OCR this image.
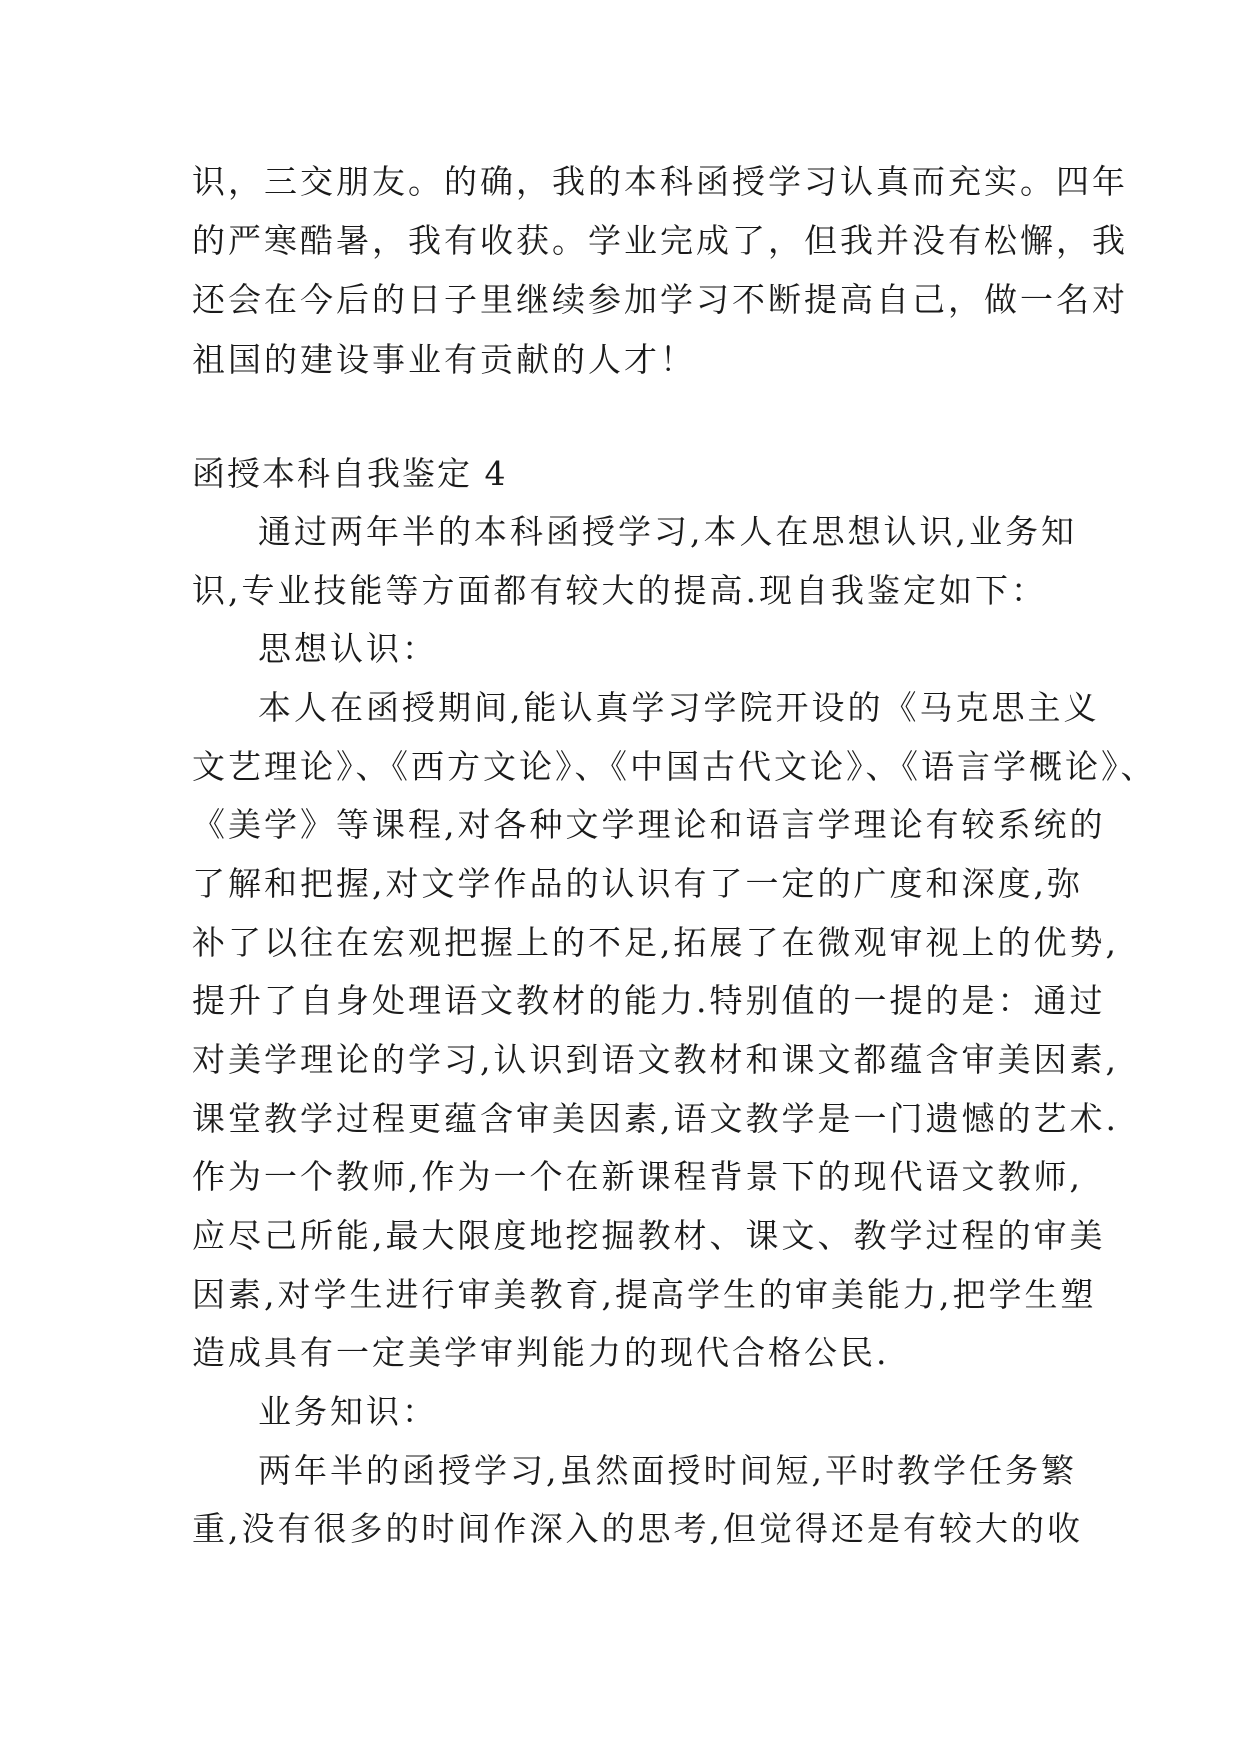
识，三交朋友。的确，我的本科函授学习认真而充实。四年
的严寒酷暑，我有收获。学业完成了，但我并没有松懈，我
还会在今后的日子里继续参加学习不断提高自己，做一名对
祖国的建设事业有贡献的人才！
函授本科自我鉴定 4
通过两年半的本科函授学习,本人在思想认识,业务知
识,专业技能等方面都有较大的提高.现自我鉴定如下：
思想认识：
本人在函授期间,能认真学习学院开设的《马克思主义
文艺理论》、《西方文论》、《中国古代文论》、《语言学概论》、
《美学》等课程,对各种文学理论和语言学理论有较系统的
了解和把握,对文学作品的认识有了一定的广度和深度,弥
补了以往在宏观把握上的不足,拓展了在微观审视上的优势,
提升了自身处理语文教材的能力.特别值的一提的是：通过
对美学理论的学习,认识到语文教材和课文都蕴含审美因素,
课堂教学过程更蕴含审美因素,语文教学是一门遗憾的艺术.
作为一个教师,作为一个在新课程背景下的现代语文教师,
应尽己所能,最大限度地挖掘教材、课文、教学过程的审美
因素,对学生进行审美教育,提高学生的审美能力,把学生塑
造成具有一定美学审判能力的现代合格公民.
业务知识：
两年半的函授学习,虽然面授时间短,平时教学任务繁
重,没有很多的时间作深入的思考,但觉得还是有较大的收
